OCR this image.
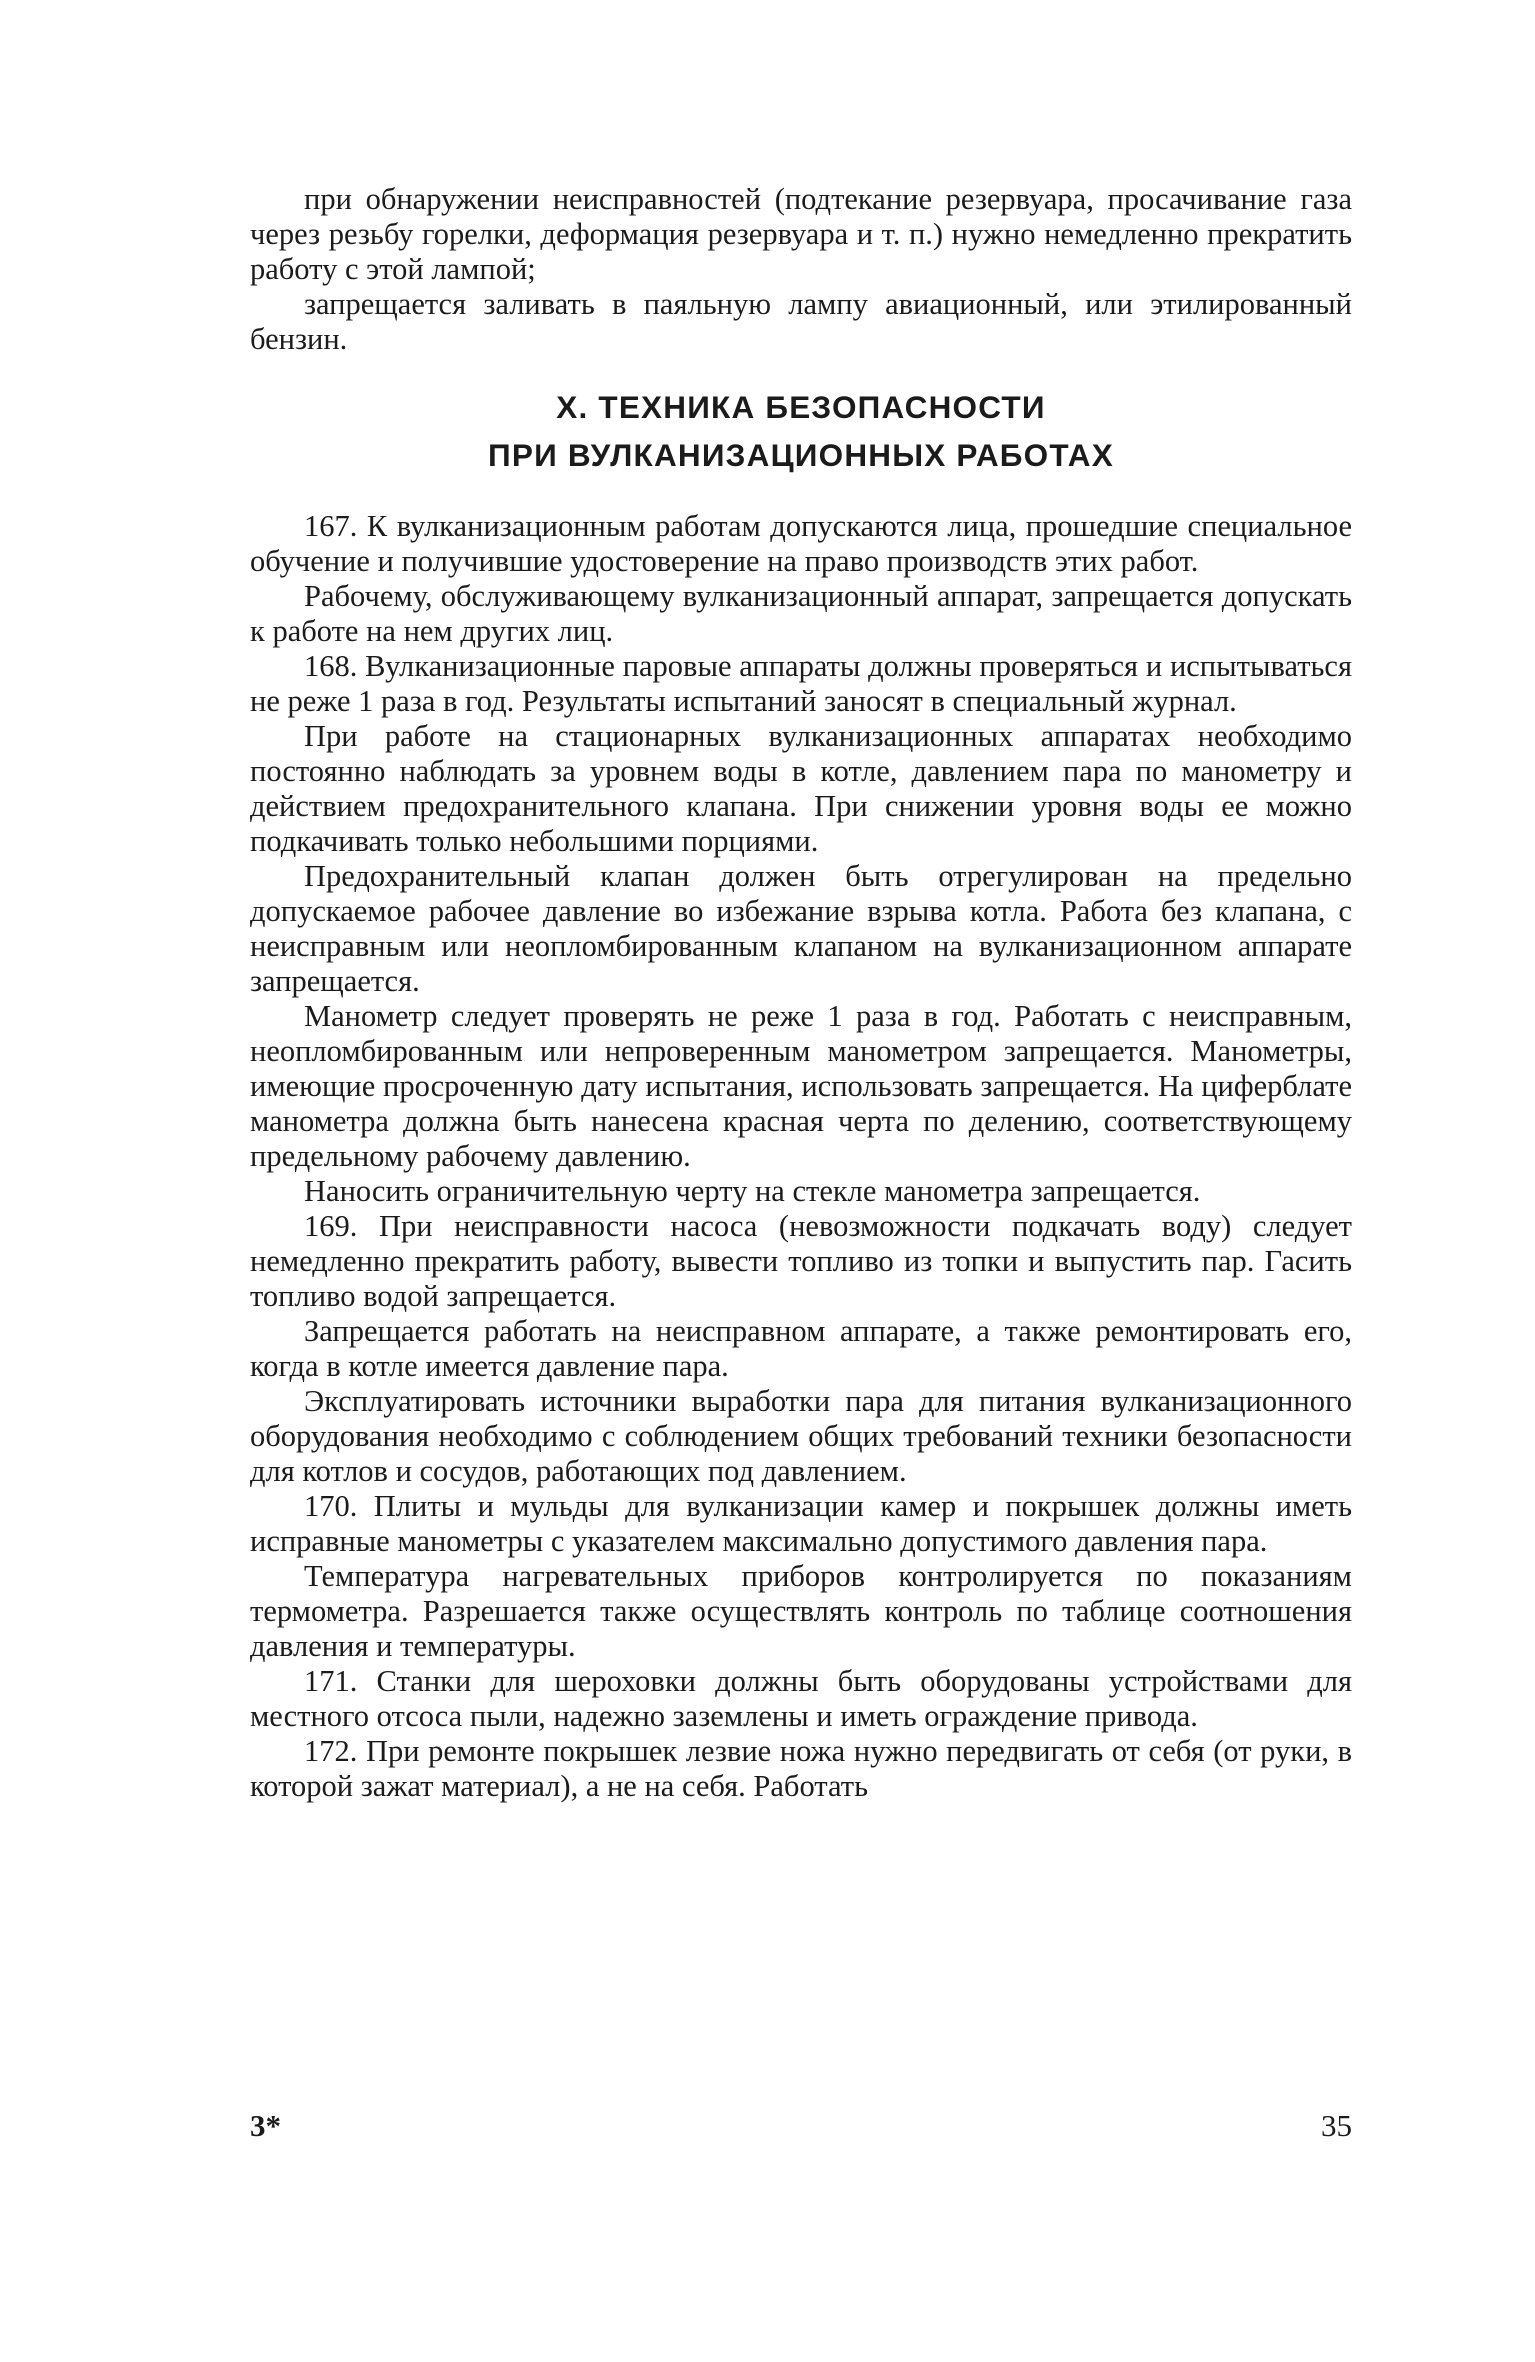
при обнаружении неисправностей (подтекание резервуара, просачивание газа через резьбу горелки, деформация резервуара и т. п.) нужно немедленно прекратить работу с этой лампой;

запрещается заливать в паяльную лампу авиационный, или этилированный бензин.

X. ТЕХНИКА БЕЗОПАСНОСТИ

ПРИ ВУЛКАНИЗАЦИОННЫХ РАБОТАХ

167. К вулканизационным работам допускаются лица, прошедшие специальное обучение и получившие удостоверение на право производств этих работ.

Рабочему, обслуживающему вулканизационный аппарат, запрещается допускать к работе на нем других лиц.

168. Вулканизационные паровые аппараты должны проверяться и испытываться не реже 1 раза в год. Результаты испытаний заносят в специальный журнал.

При работе на стационарных вулканизационных аппаратах необходимо постоянно наблюдать за уровнем воды в котле, давлением пара по манометру и действием предохранительного клапана. При снижении уровня воды ее можно подкачивать только небольшими порциями.

Предохранительный клапан должен быть отрегулирован на предельно допускаемое рабочее давление во избежание взрыва котла. Работа без клапана, с неисправным или неопломбированным клапаном на вулканизационном аппарате запрещается.

Манометр следует проверять не реже 1 раза в год. Работать с неисправным, неопломбированным или непроверенным манометром запрещается. Манометры, имеющие просроченную дату испытания, использовать запрещается. На циферблате манометра должна быть нанесена красная черта по делению, соответствующему предельному рабочему давлению.

Наносить ограничительную черту на стекле манометра запрещается.

169. При неисправности насоса (невозможности подкачать воду) следует немедленно прекратить работу, вывести топливо из топки и выпустить пар. Гасить топливо водой запрещается.

Запрещается работать на неисправном аппарате, а также ремонтировать его, когда в котле имеется давление пара.

Эксплуатировать источники выработки пара для питания вулканизационного оборудования необходимо с соблюдением общих требований техники безопасности для котлов и сосудов, работающих под давлением.

170. Плиты и мульды для вулканизации камер и покрышек должны иметь исправные манометры с указателем максимально допустимого давления пара.

Температура нагревательных приборов контролируется по показаниям термометра. Разрешается также осуществлять контроль по таблице соотношения давления и температуры.

171. Станки для шероховки должны быть оборудованы устройствами для местного отсоса пыли, надежно заземлены и иметь ограждение привода.

172. При ремонте покрышек лезвие ножа нужно передвигать от себя (от руки, в которой зажат материал), а не на себя. Работать

3*	35
